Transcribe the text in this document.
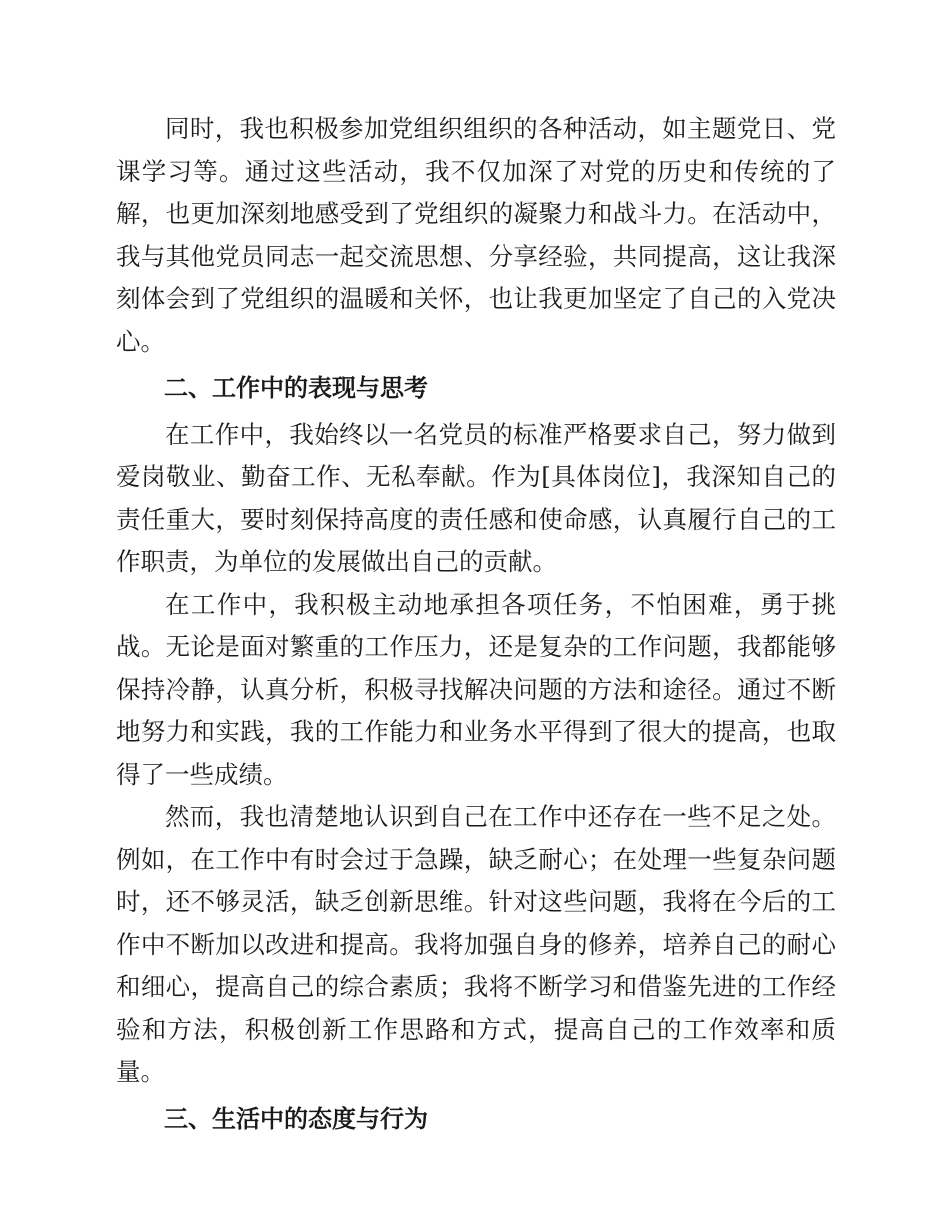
同时，我也积极参加党组织组织的各种活动，如主题党日、党课学习等。通过这些活动，我不仅加深了对党的历史和传统的了解，也更加深刻地感受到了党组织的凝聚力和战斗力。在活动中，我与其他党员同志一起交流思想、分享经验，共同提高，这让我深刻体会到了党组织的温暖和关怀，也让我更加坚定了自己的入党决心。

二、工作中的表现与思考

在工作中，我始终以一名党员的标准严格要求自己，努力做到爱岗敬业、勤奋工作、无私奉献。作为[具体岗位]，我深知自己的责任重大，要时刻保持高度的责任感和使命感，认真履行自己的工作职责，为单位的发展做出自己的贡献。

在工作中，我积极主动地承担各项任务，不怕困难，勇于挑战。无论是面对繁重的工作压力，还是复杂的工作问题，我都能够保持冷静，认真分析，积极寻找解决问题的方法和途径。通过不断地努力和实践，我的工作能力和业务水平得到了很大的提高，也取得了一些成绩。

然而，我也清楚地认识到自己在工作中还存在一些不足之处。例如，在工作中有时会过于急躁，缺乏耐心；在处理一些复杂问题时，还不够灵活，缺乏创新思维。针对这些问题，我将在今后的工作中不断加以改进和提高。我将加强自身的修养，培养自己的耐心和细心，提高自己的综合素质；我将不断学习和借鉴先进的工作经验和方法，积极创新工作思路和方式，提高自己的工作效率和质量。

三、生活中的态度与行为
